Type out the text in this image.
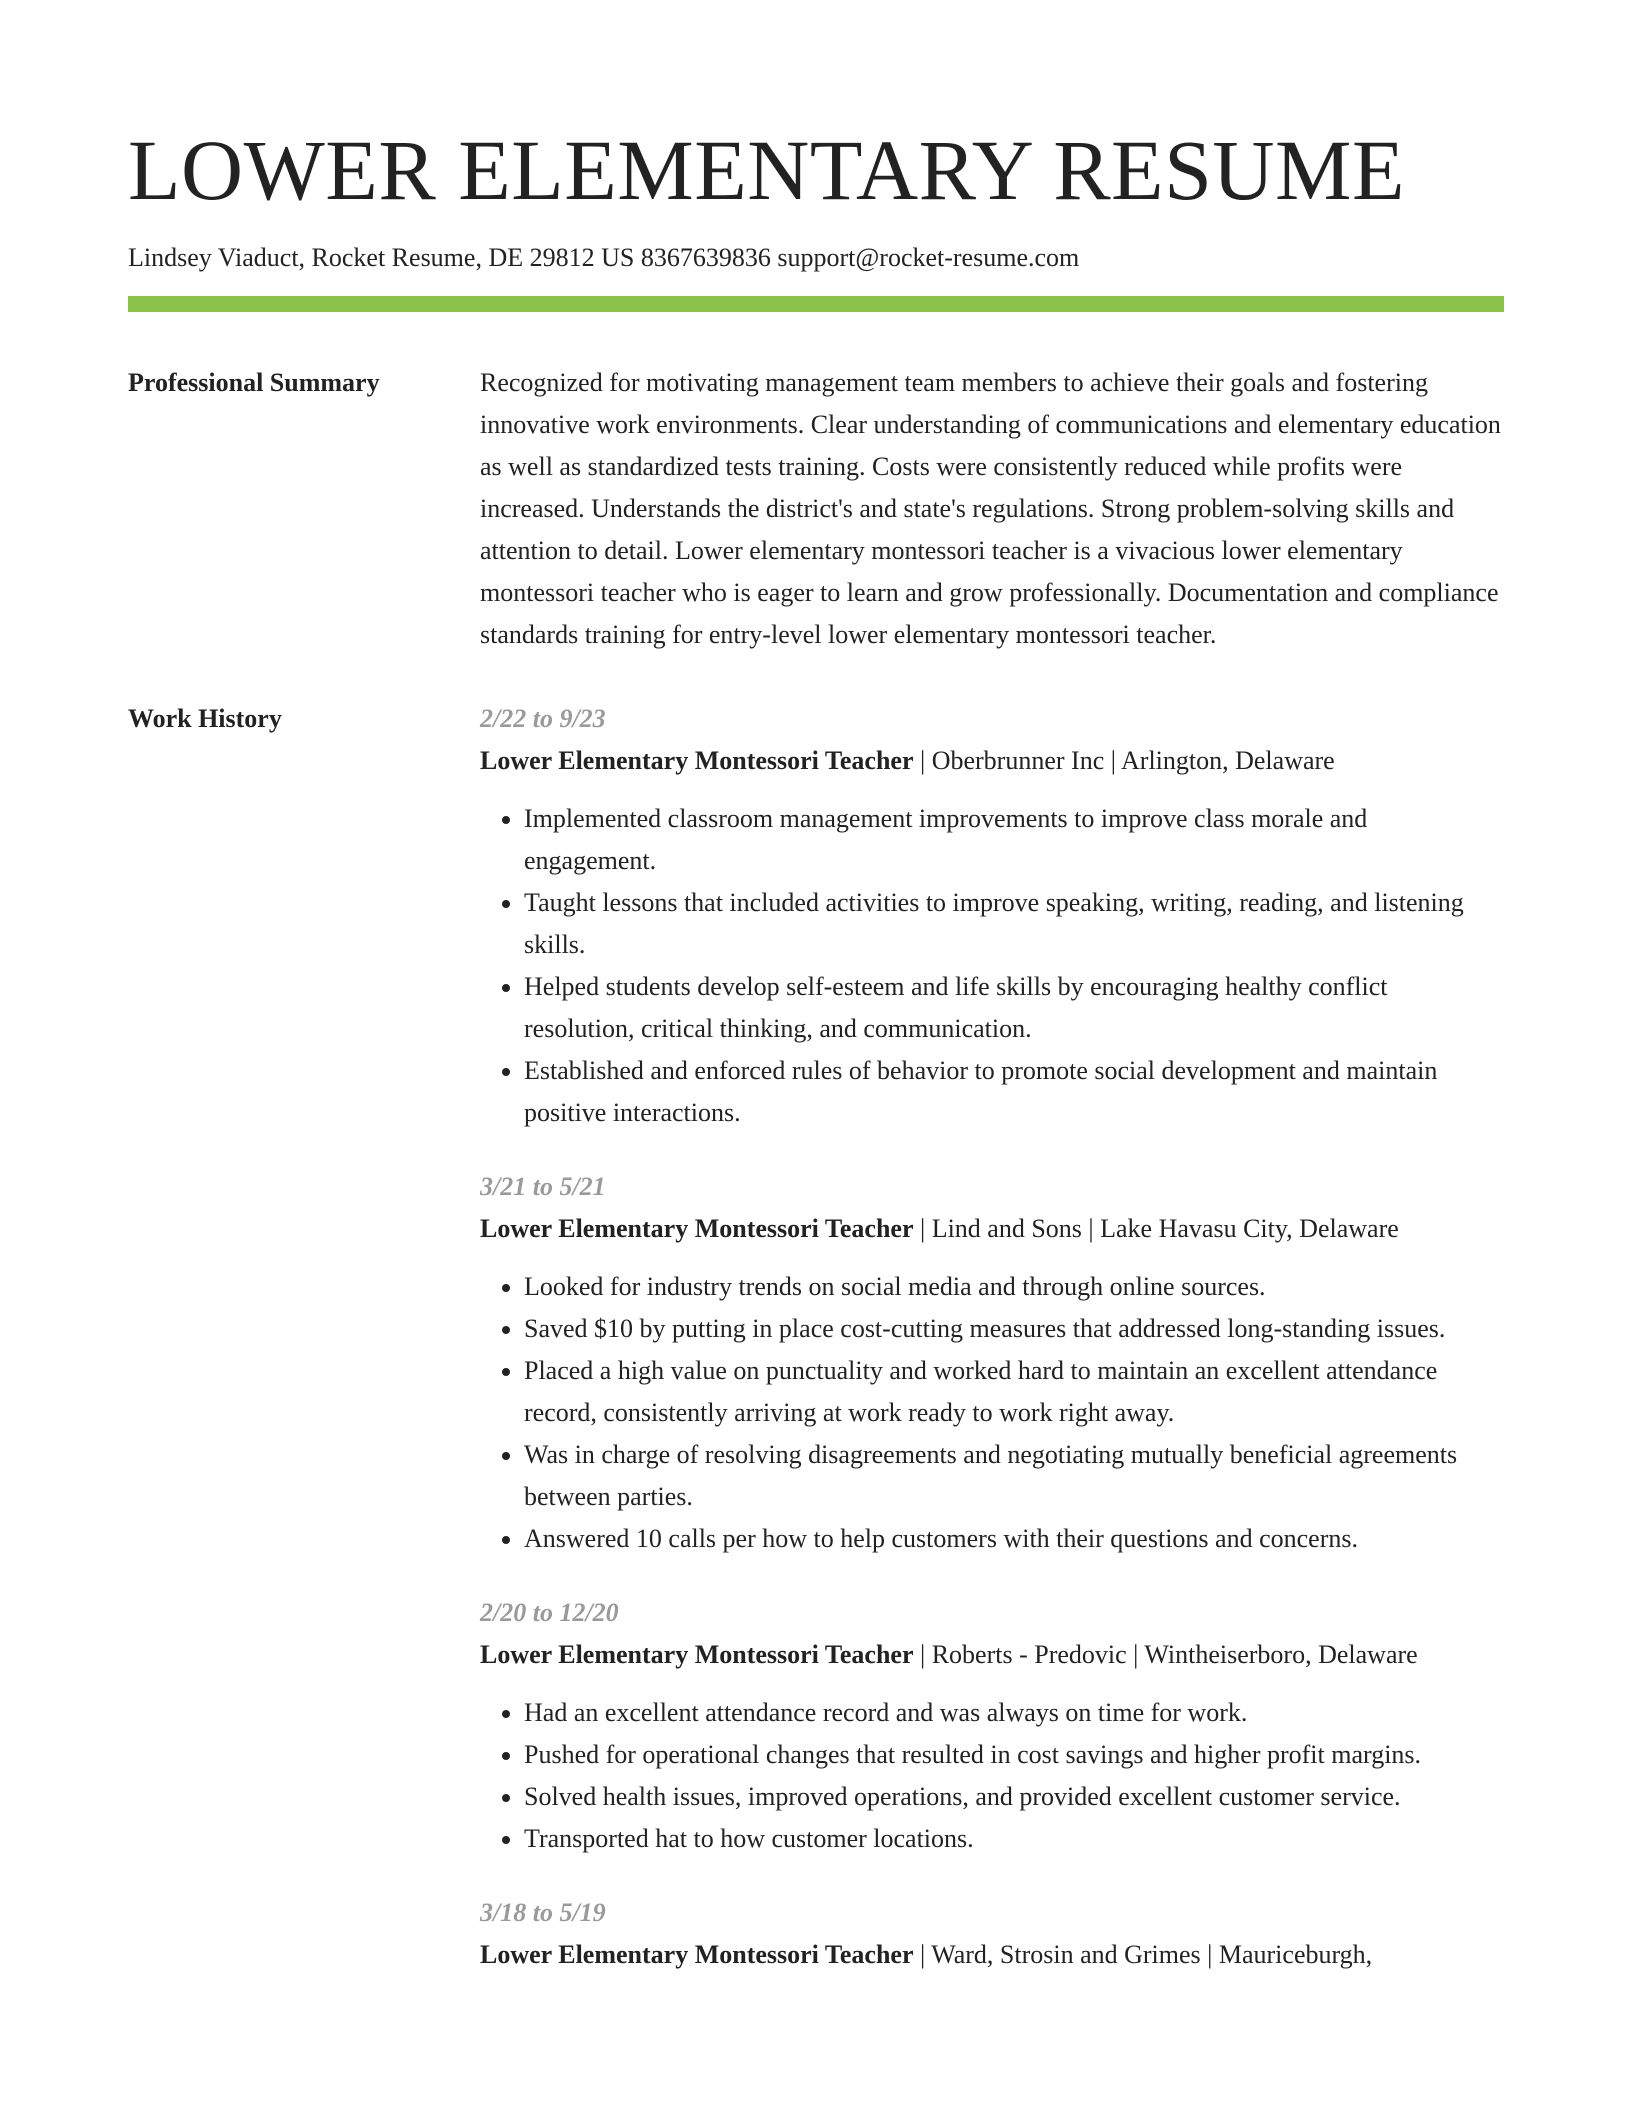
LOWER ELEMENTARY RESUME
Lindsey Viaduct, Rocket Resume, DE 29812 US 8367639836 support@rocket-resume.com
Professional Summary	Recognized for motivating management team members to achieve their goals and fostering innovative work environments. Clear understanding of communications and elementary education as well as standardized tests training. Costs were consistently reduced while profits were increased. Understands the district's and state's regulations. Strong problem-solving skills and attention to detail. Lower elementary montessori teacher is a vivacious lower elementary montessori teacher who is eager to learn and grow professionally. Documentation and compliance standards training for entry-level lower elementary montessori teacher.

Work History	2/22 to 9/23
Lower Elementary Montessori Teacher | Oberbrunner Inc | Arlington, Delaware
• Implemented classroom management improvements to improve class morale and engagement.
• Taught lessons that included activities to improve speaking, writing, reading, and listening skills.
• Helped students develop self-esteem and life skills by encouraging healthy conflict resolution, critical thinking, and communication.
• Established and enforced rules of behavior to promote social development and maintain positive interactions.
3/21 to 5/21
Lower Elementary Montessori Teacher | Lind and Sons | Lake Havasu City, Delaware
• Looked for industry trends on social media and through online sources.
• Saved $10 by putting in place cost-cutting measures that addressed long-standing issues.
• Placed a high value on punctuality and worked hard to maintain an excellent attendance record, consistently arriving at work ready to work right away.
• Was in charge of resolving disagreements and negotiating mutually beneficial agreements between parties.
• Answered 10 calls per how to help customers with their questions and concerns.
2/20 to 12/20
Lower Elementary Montessori Teacher | Roberts - Predovic | Wintheiserboro, Delaware
• Had an excellent attendance record and was always on time for work.
• Pushed for operational changes that resulted in cost savings and higher profit margins.
• Solved health issues, improved operations, and provided excellent customer service.
• Transported hat to how customer locations.
3/18 to 5/19
Lower Elementary Montessori Teacher | Ward, Strosin and Grimes | Mauriceburgh,
